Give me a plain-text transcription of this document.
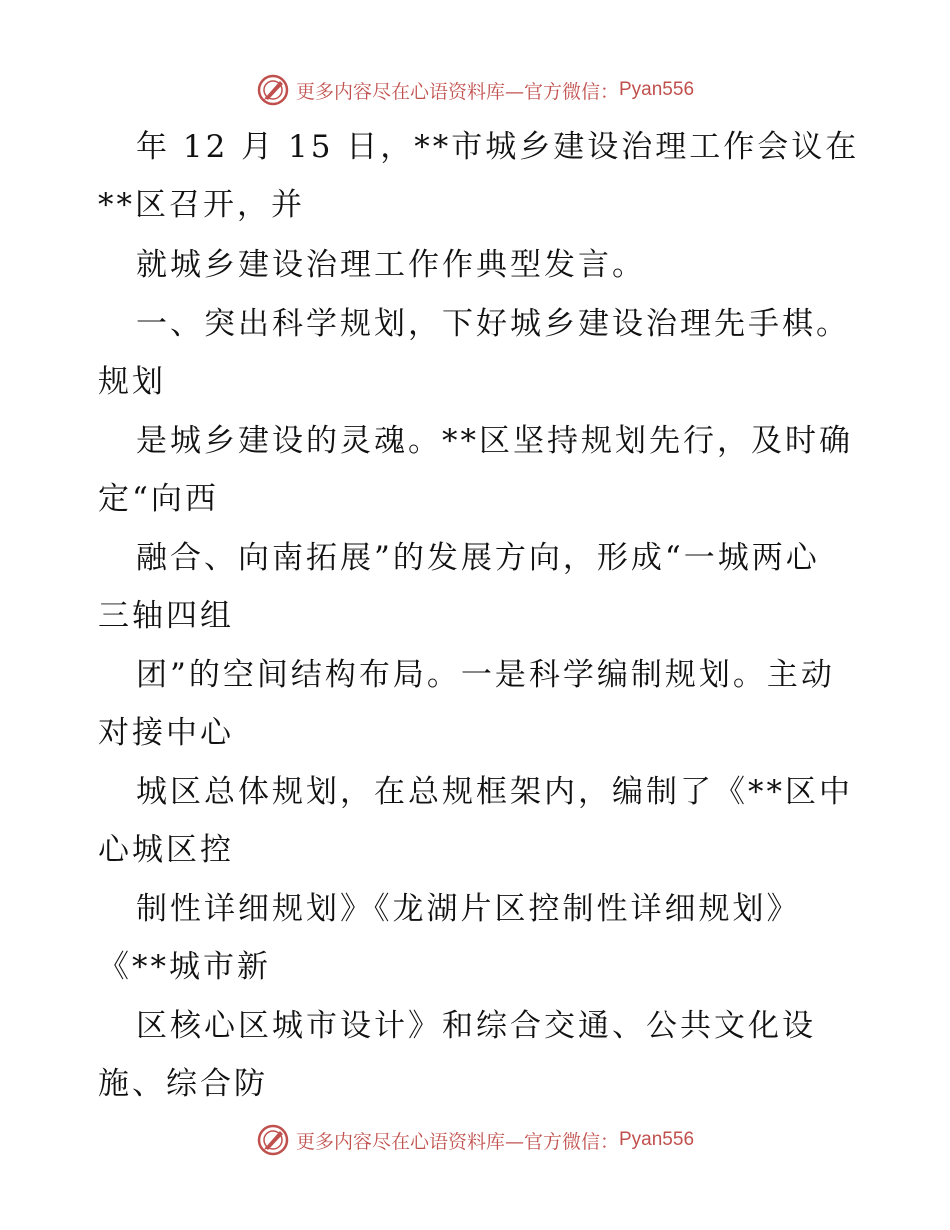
更多内容尽在心语资料库—官方微信： Pyan556
年 12 月 15 日，**市城乡建设治理工作会议在
**区召开，并
就城乡建设治理工作作典型发言。
一、突出科学规划，下好城乡建设治理先手棋。
规划
是城乡建设的灵魂。**区坚持规划先行，及时确
定“向西
融合、向南拓展”的发展方向，形成“一城两心
三轴四组
团”的空间结构布局。一是科学编制规划。主动
对接中心
城区总体规划，在总规框架内，编制了《**区中
心城区控
制性详细规划》《龙湖片区控制性详细规划》
《**城市新
区核心区城市设计》和综合交通、公共文化设
施、综合防
更多内容尽在心语资料库—官方微信： Pyan556
